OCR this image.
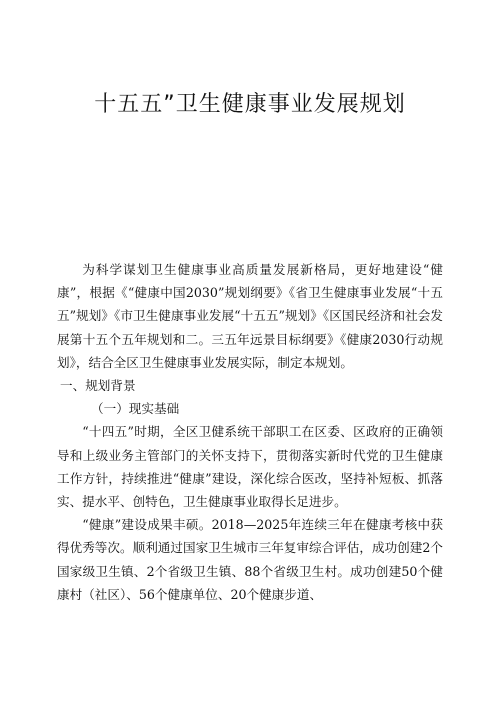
十五五”卫生健康事业发展规划

为科学谋划卫生健康事业高质量发展新格局，更好地建设“健康”，根据《“健康中国2030”规划纲要》《省卫生健康事业发展“十五五”规划》《市卫生健康事业发展“十五五”规划》《区国民经济和社会发展第十五个五年规划和二。三五年远景目标纲要》《健康2030行动规划》，结合全区卫生健康事业发展实际，制定本规划。

一、规划背景

（一）现实基础

“十四五”时期，全区卫健系统干部职工在区委、区政府的正确领导和上级业务主管部门的关怀支持下，贯彻落实新时代党的卫生健康工作方针，持续推进“健康”建设，深化综合医改，坚持补短板、抓落实、提水平、创特色，卫生健康事业取得长足进步。

“健康”建设成果丰硕。2018—2025年连续三年在健康考核中获得优秀等次。顺利通过国家卫生城市三年复审综合评估，成功创建2个国家级卫生镇、2个省级卫生镇、88个省级卫生村。成功创建50个健康村（社区）、56个健康单位、20个健康步道、
